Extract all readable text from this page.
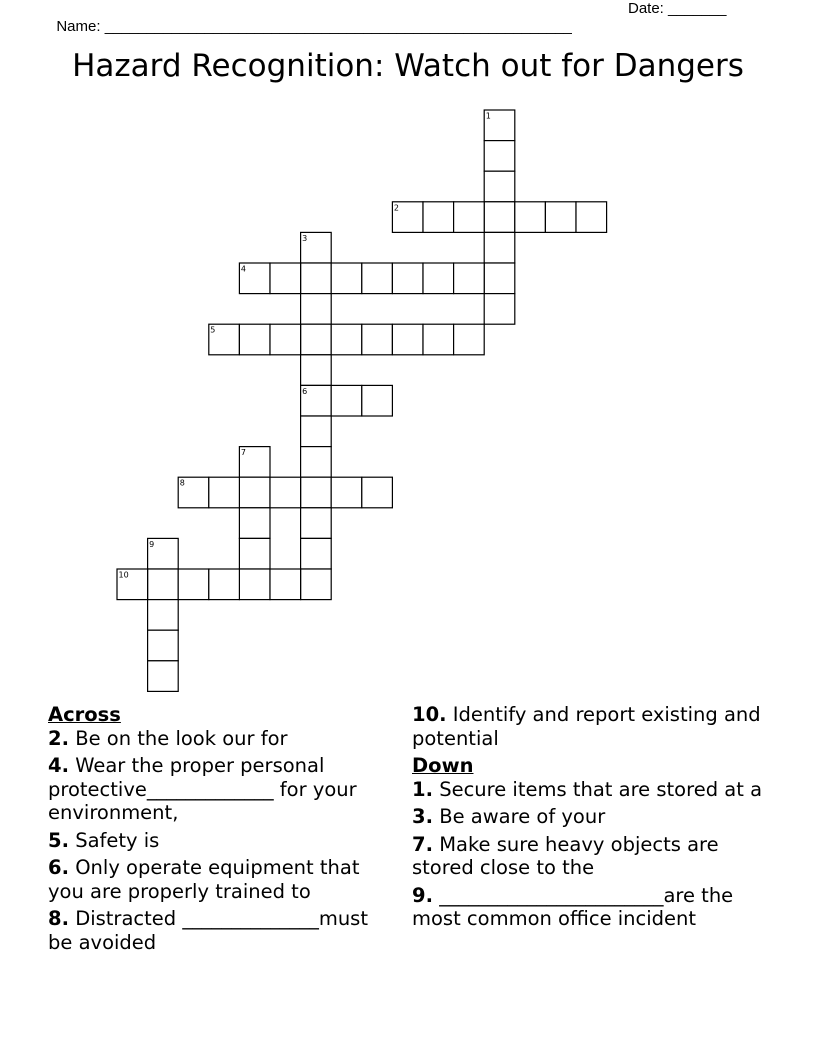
Name: ________________________________________________________

Date: _______

Hazard Recognition: Watch out for Dangers
1
2
3
4
5
6
7
8
9
10
Across
2. Be on the look our for
4. Wear the proper personal protective_____________ for your environment,
5. Safety is
6. Only operate equipment that you are properly trained to
8. Distracted ______________must be avoided
10. Identify and report existing and potential
Down
1. Secure items that are stored at a
3. Be aware of your
7. Make sure heavy objects are stored close to the
9. _______________________are the most common office incident
